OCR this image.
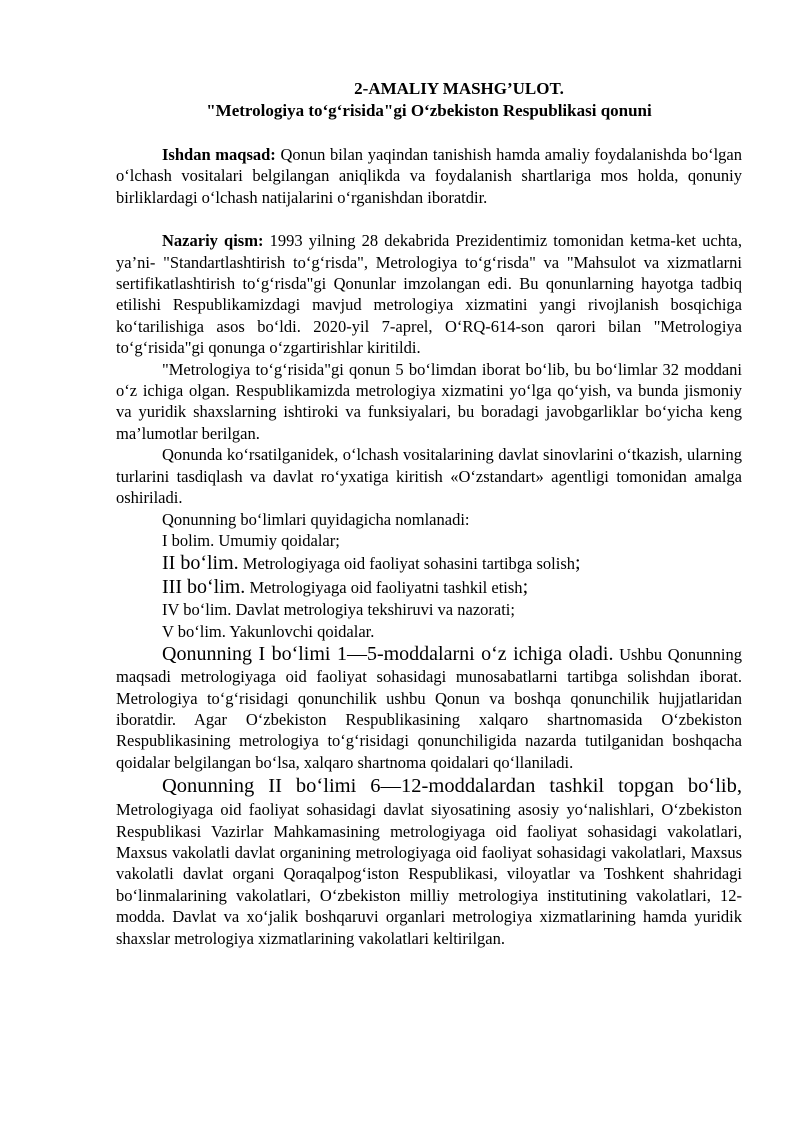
2-AMALIY MASHG’ULOT.

"Metrologiya toʻgʻrisida"gi Oʻzbekiston Respublikasi qonuni

Ishdan maqsad: Qonun bilan yaqindan tanishish hamda amaliy foydalanishda boʻlgan oʻlchash vositalari belgilangan aniqlikda va foydalanish shartlariga mos holda, qonuniy birliklardagi oʻlchash natijalarini oʻrganishdan iboratdir.

Nazariy qism: 1993 yilning 28 dekabrida Prezidentimiz tomonidan ketma-ket uchta, ya’ni- "Standartlashtirish toʻgʻrisda", Metrologiya toʻgʻrisda" va "Mahsulot va xizmatlarni sertifikatlashtirish toʻgʻrisda"gi Qonunlar imzolangan edi. Bu qonunlarning hayotga tadbiq etilishi Respublikamizdagi mavjud metrologiya xizmatini yangi rivojlanish bosqichiga koʻtarilishiga asos boʻldi. 2020-yil 7-aprel, OʻRQ-614-son qarori bilan "Metrologiya toʻgʻrisida"gi qonunga oʻzgartirishlar kiritildi.

"Metrologiya toʻgʻrisida"gi qonun 5 boʻlimdan iborat boʻlib, bu boʻlimlar 32 moddani oʻz ichiga olgan. Respublikamizda metrologiya xizmatini yoʻlga qoʻyish, va bunda jismoniy va yuridik shaxslarning ishtiroki va funksiyalari, bu boradagi javobgarliklar boʻyicha keng ma’lumotlar berilgan.

Qonunda koʻrsatilganidek, oʻlchash vositalarining davlat sinovlarini oʻtkazish, ularning turlarini tasdiqlash va davlat roʻyxatiga kiritish «Oʻzstandart» agentligi tomonidan amalga oshiriladi.

Qonunning boʻlimlari quyidagicha nomlanadi:

I bolim. Umumiy qoidalar;

II boʻlim. Metrologiyaga oid faoliyat sohasini tartibga solish;

III boʻlim. Metrologiyaga oid faoliyatni tashkil etish;

IV boʻlim. Davlat metrologiya tekshiruvi va nazorati;

V boʻlim. Yakunlovchi qoidalar.

Qonunning I boʻlimi 1—5-moddalarni oʻz ichiga oladi. Ushbu Qonunning maqsadi metrologiyaga oid faoliyat sohasidagi munosabatlarni tartibga solishdan iborat. Metrologiya toʻgʻrisidagi qonunchilik ushbu Qonun va boshqa qonunchilik hujjatlaridan iboratdir. Agar Oʻzbekiston Respublikasining xalqaro shartnomasida Oʻzbekiston Respublikasining metrologiya toʻgʻrisidagi qonunchiligida nazarda tutilganidan boshqacha qoidalar belgilangan boʻlsa, xalqaro shartnoma qoidalari qoʻllaniladi.

Qonunning II boʻlimi 6—12-moddalardan tashkil topgan boʻlib, Metrologiyaga oid faoliyat sohasidagi davlat siyosatining asosiy yoʻnalishlari, Oʻzbekiston Respublikasi Vazirlar Mahkamasining metrologiyaga oid faoliyat sohasidagi vakolatlari, Maxsus vakolatli davlat organining metrologiyaga oid faoliyat sohasidagi vakolatlari, Maxsus vakolatli davlat organi Qoraqalpogʻiston Respublikasi, viloyatlar va Toshkent shahridagi boʻlinmalarining vakolatlari, Oʻzbekiston milliy metrologiya institutining vakolatlari, 12-modda. Davlat va xoʻjalik boshqaruvi organlari metrologiya xizmatlarining hamda yuridik shaxslar metrologiya xizmatlarining vakolatlari keltirilgan.
